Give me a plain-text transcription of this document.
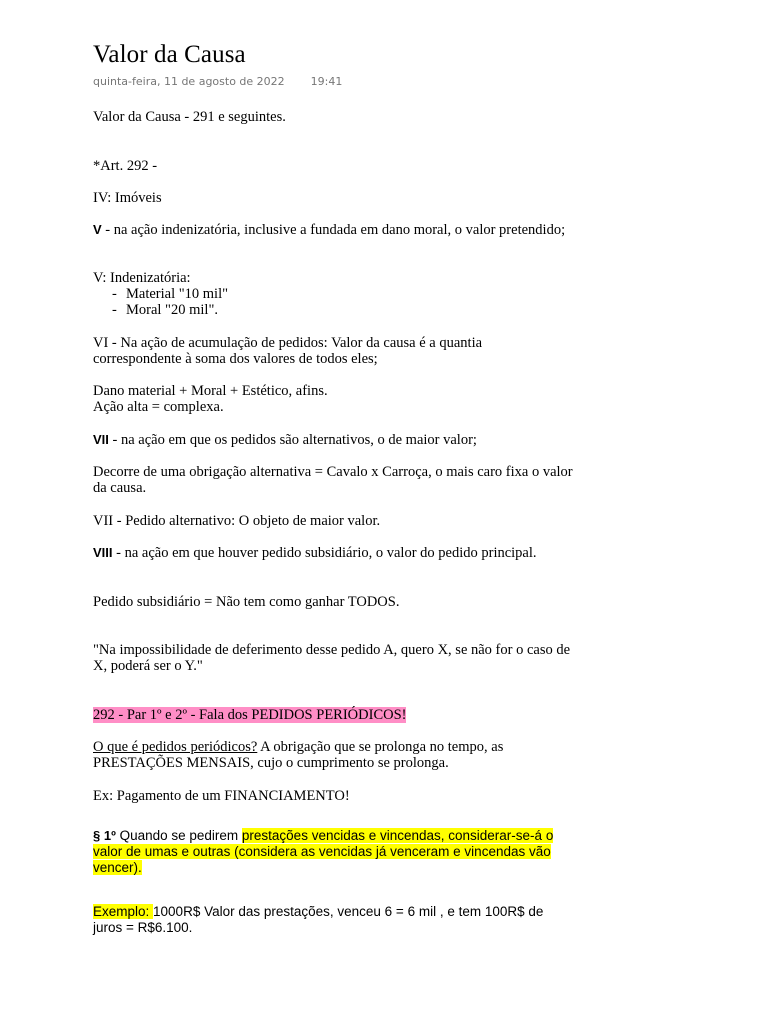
Valor da Causa
quinta-feira, 11 de agosto de 2022 19:41

Valor da Causa - 291 e seguintes.

*Art. 292 -

IV: Imóveis

V - na ação indenizatória, inclusive a fundada em dano moral, o valor pretendido;

V: Indenizatória:

- Material "10 mil"
- Moral "20 mil".

VI - Na ação de acumulação de pedidos: Valor da causa é a quantia correspondente à soma dos valores de todos eles;

Dano material + Moral + Estético, afins.

Ação alta = complexa.

VII - na ação em que os pedidos são alternativos, o de maior valor;

Decorre de uma obrigação alternativa = Cavalo x Carroça, o mais caro fixa o valor da causa.

VII - Pedido alternativo: O objeto de maior valor.

VIII - na ação em que houver pedido subsidiário, o valor do pedido principal.

Pedido subsidiário = Não tem como ganhar TODOS.

"Na impossibilidade de deferimento desse pedido A, quero X, se não for o caso de X, poderá ser o Y."

292 - Par 1º e 2º - Fala dos PEDIDOS PERIÓDICOS!

O que é pedidos periódicos? A obrigação que se prolonga no tempo, as PRESTAÇÕES MENSAIS, cujo o cumprimento se prolonga.

Ex: Pagamento de um FINANCIAMENTO!

§ 1º Quando se pedirem prestações vencidas e vincendas, considerar-se-á o valor de umas e outras (considera as vencidas já venceram e vincendas vão vencer).

Exemplo: 1000R$ Valor das prestações, venceu 6 = 6 mil , e tem 100R$ de juros = R$6.100.
